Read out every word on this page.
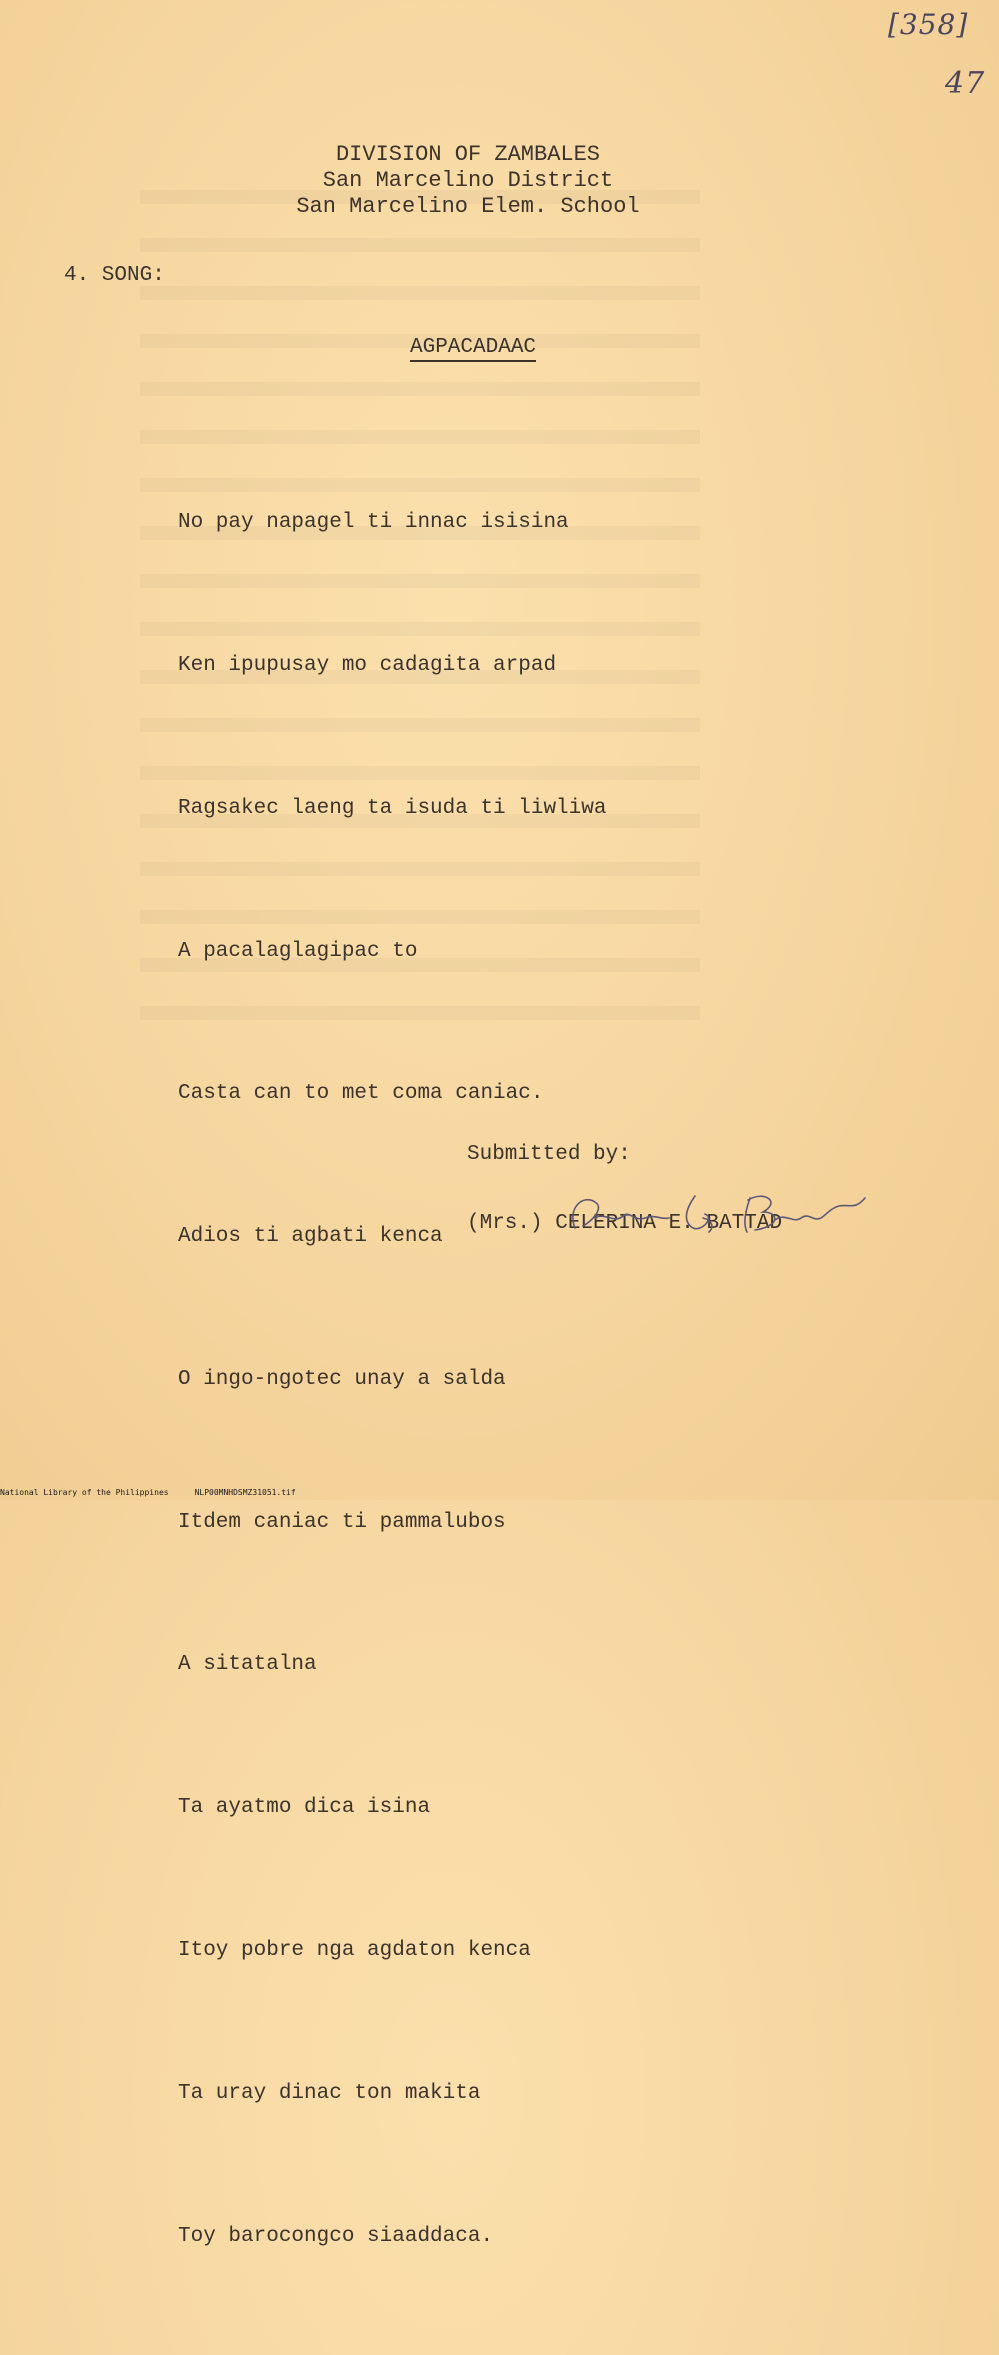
[358]
47
DIVISION OF ZAMBALES
San Marcelino District
San Marcelino Elem. School
4. SONG:
AGPACADAAC

No pay napagel ti innac isisina

Ken ipupusay mo cadagita arpad

Ragsakec laeng ta isuda ti liwliwa

A pacalaglagipac to

Casta can to met coma caniac.

Adios ti agbati kenca

O ingo-ngotec unay a salda

Itdem caniac ti pammalubos

A sitatalna

Ta ayatmo dica isina

Itoy pobre nga agdaton kenca

Ta uray dinac ton makita

Toy barocongco siaaddaca.

Submitted by:
(Mrs.) CELERINA E. BATTAD
National Library of the Philippines	NLP00MNHDSMZ31051.tif
